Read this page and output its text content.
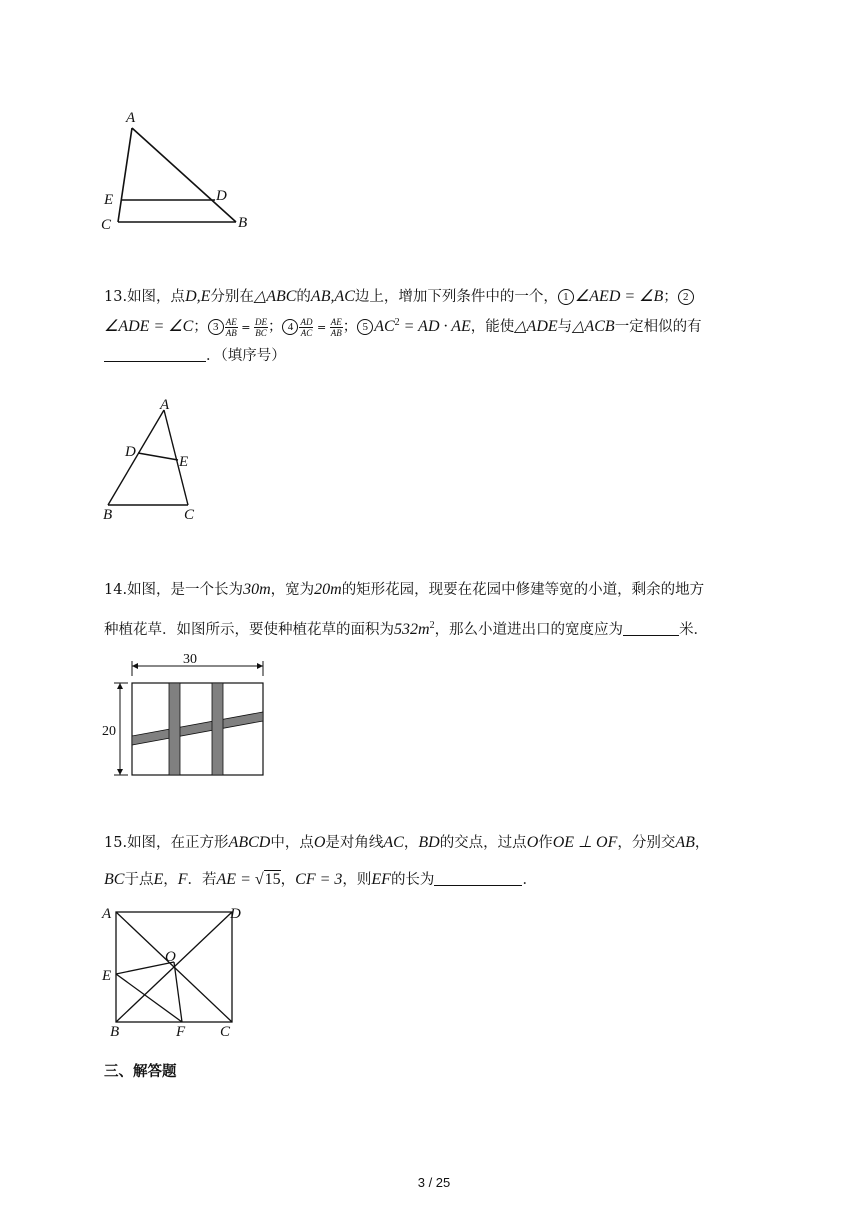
A
E	D
C	B

13.如图，点D,E分别在△ABC的AB,AC边上，增加下列条件中的一个， 1 ∠AED = ∠B； 2

∠ADE = ∠C； $3 \frac{AE}{AB} = \frac{DE}{BC}$ ； $4 \frac{AD}{AC} = \frac{AE}{AB}$ ； 5 $AC^2$ = AD · AE，能使△ADE与△ACB一定相似的有

．（填序号）

A
D
E
B	C

14.如图，是一个长为30m，宽为20m的矩形花园，现要在花园中修建等宽的小道，剩余的地方

种植花草．如图所示，要使种植花草的面积为$532m^2$，那么小道进出口的宽度应为	米．

30
20

15.如图，在正方形ABCD中，点O是对角线AC，BD的交点，过点O作OE ⊥ OF，分别交AB，

BC于点E，F．若AE = √15，CF = 3，则EF的长为	．

A	D
O
E
B	F C
三、解答题
3 / 25
